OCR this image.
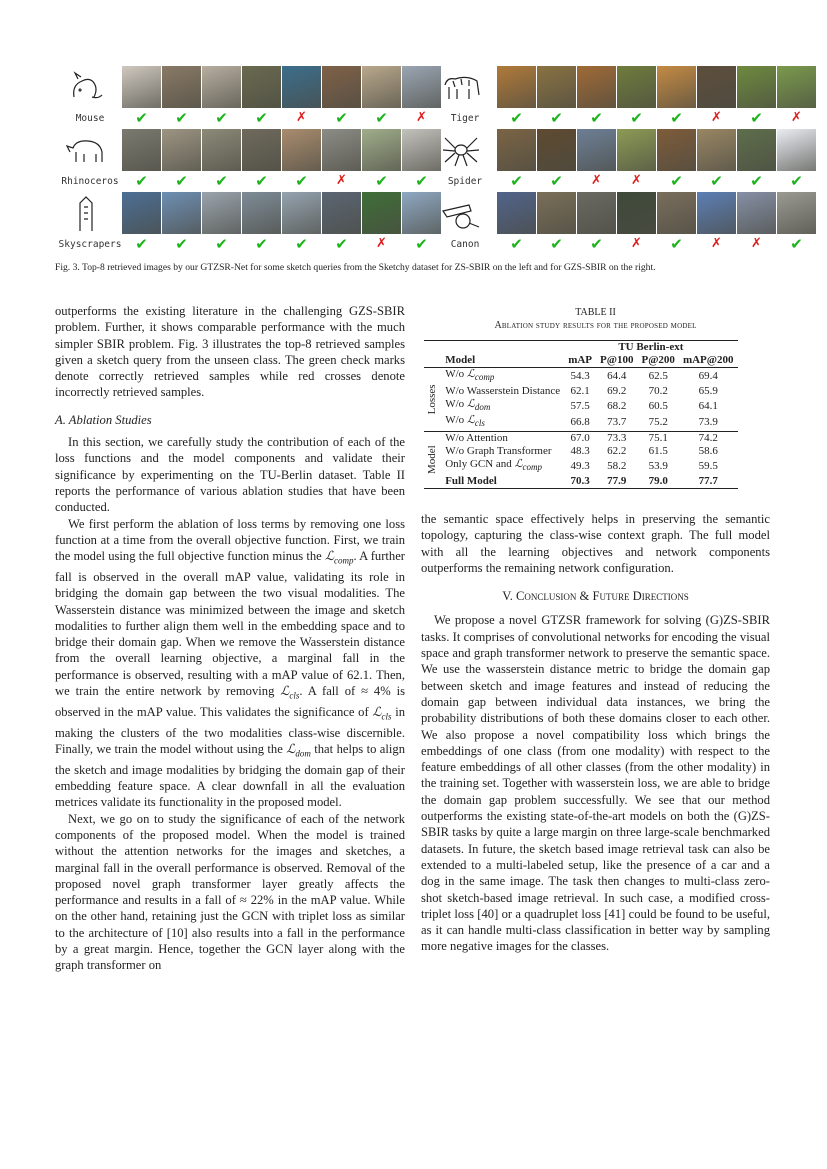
Mouse	✔	✔	✔	✔	✗	✔	✔	✗
Rhinoceros	✔	✔	✔	✔	✔	✗	✔	✔
Skyscrapers ✔	✔	✔	✔	✔	✔	✗	✔
Tiger	✔	✔	✔	✔	✔	✗	✔	✗
Spider	✔	✔	✗	✗	✔	✔	✔	✔
Canon	✔	✔	✔	✗	✔	✗	✗	✔
Fig. 3. Top-8 retrieved images by our GTZSR-Net for some sketch queries from the Sketchy dataset for ZS-SBIR on the left and for GZS-SBIR on the right.

outperforms the existing literature in the challenging GZS-SBIR problem. Further, it shows comparable performance with the much simpler SBIR problem. Fig. 3 illustrates the top-8 retrieved samples given a sketch query from the unseen class. The green check marks denote correctly retrieved samples while red crosses denote incorrectly retrieved samples.

A. Ablation Studies

In this section, we carefully study the contribution of each of the loss functions and the model components and validate their significance by experimenting on the TU-Berlin dataset. Table II reports the performance of various ablation studies that have been conducted.

We first perform the ablation of loss terms by removing one loss function at a time from the overall objective function. First, we train the model using the full objective function minus the ℒ$_{comp}$. A further fall is observed in the overall mAP value, validating its role in bridging the domain gap between the two visual modalities. The Wasserstein distance was minimized between the image and sketch modalities to further align them well in the embedding space and to bridge their domain gap. When we remove the Wasserstein distance from the overall learning objective, a marginal fall in the performance is observed, resulting with a mAP value of 62.1. Then, we train the entire network by removing ℒ$_{cls}$. A fall of ≈ 4% is observed in the mAP value. This validates the significance of ℒ$_{cls}$ in making the clusters of the two modalities class-wise discernible. Finally, we train the model without using the ℒ$_{dom}$ that helps to align the sketch and image modalities by bridging the domain gap of their embedding feature space. A clear downfall in all the evaluation metrices validate its functionality in the proposed model.

Next, we go on to study the significance of each of the network components of the proposed model. When the model is trained without the attention networks for the images and sketches, a marginal fall in the overall performance is observed. Removal of the proposed novel graph transformer layer greatly affects the performance and results in a fall of ≈ 22% in the mAP value. While on the other hand, retaining just the GCN with triplet loss as similar to the architecture of [10] also results into a fall in the performance by a great margin. Hence, together the GCN layer along with the graph transformer on

TABLE II
Ablation study results for the proposed model
		TU Berlin-ext			
	Model	mAP	P@100	P@200	mAP@200
Losses	W/o ℒ$_{comp}$	54.3	64.4	62.5	69.4
	W/o Wasserstein Distance	62.1	69.2	70.2	65.9
	W/o ℒ$_{dom}$	57.5	68.2	60.5	64.1
	W/o ℒ$_{cls}$	66.8	73.7	75.2	73.9
Model	W/o Attention	67.0	73.3	75.1	74.2
	W/o Graph Transformer	48.3	62.2	61.5	58.6
	Only GCN and ℒ$_{comp}$	49.3	58.2	53.9	59.5
	Full Model	70.3	77.9	79.0	77.7

the semantic space effectively helps in preserving the semantic topology, capturing the class-wise context graph. The full model with all the learning objectives and network components outperforms the remaining network configuration.

V. Conclusion & Future Directions

We propose a novel GTZSR framework for solving (G)ZS-SBIR tasks. It comprises of convolutional networks for encoding the visual space and graph transformer network to preserve the semantic space. We use the wasserstein distance metric to bridge the domain gap between sketch and image features and instead of reducing the domain gap between individual data instances, we bring the probability distributions of both these domains closer to each other. We also propose a novel compatibility loss which brings the embeddings of one class (from one modality) with respect to the feature embeddings of all other classes (from the other modality) in the training set. Together with wasserstein loss, we are able to bridge the domain gap problem successfully. We see that our method outperforms the existing state-of-the-art models on both the (G)ZS-SBIR tasks by quite a large margin on three large-scale benchmarked datasets. In future, the sketch based image retrieval task can also be extended to a multi-labeled setup, like the presence of a car and a dog in the same image. The task then changes to multi-class zero-shot sketch-based image retrieval. In such case, a modified cross-triplet loss [40] or a quadruplet loss [41] could be found to be useful, as it can handle multi-class classification in better way by sampling more negative images for the classes.
